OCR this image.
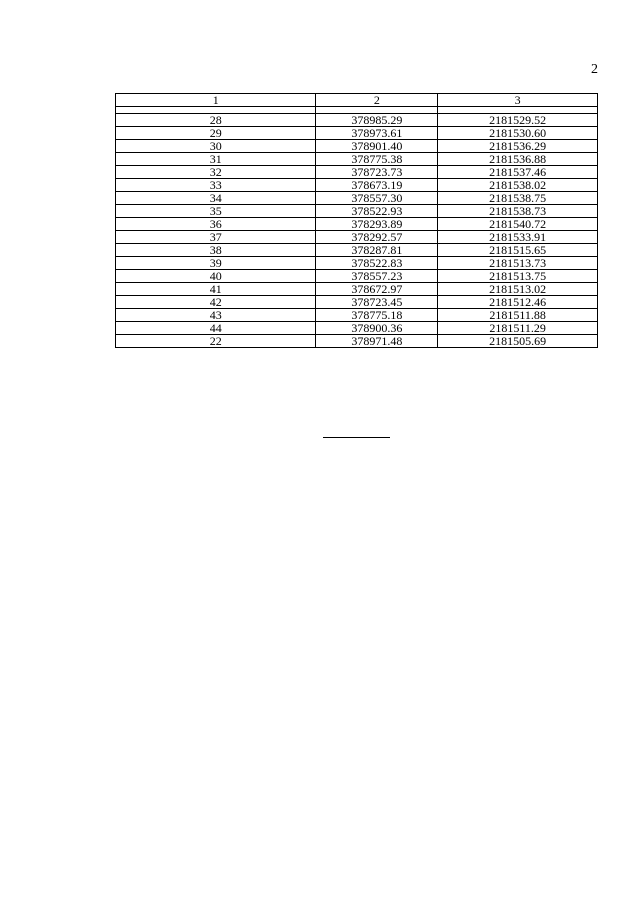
2
1	2	3

28	378985.29	2181529.52
29	378973.61	2181530.60
30	378901.40	2181536.29
31	378775.38	2181536.88
32	378723.73	2181537.46
33	378673.19	2181538.02
34	378557.30	2181538.75
35	378522.93	2181538.73
36	378293.89	2181540.72
37	378292.57	2181533.91
38	378287.81	2181515.65
39	378522.83	2181513.73
40	378557.23	2181513.75
41	378672.97	2181513.02
42	378723.45	2181512.46
43	378775.18	2181511.88
44	378900.36	2181511.29
22	378971.48	2181505.69
